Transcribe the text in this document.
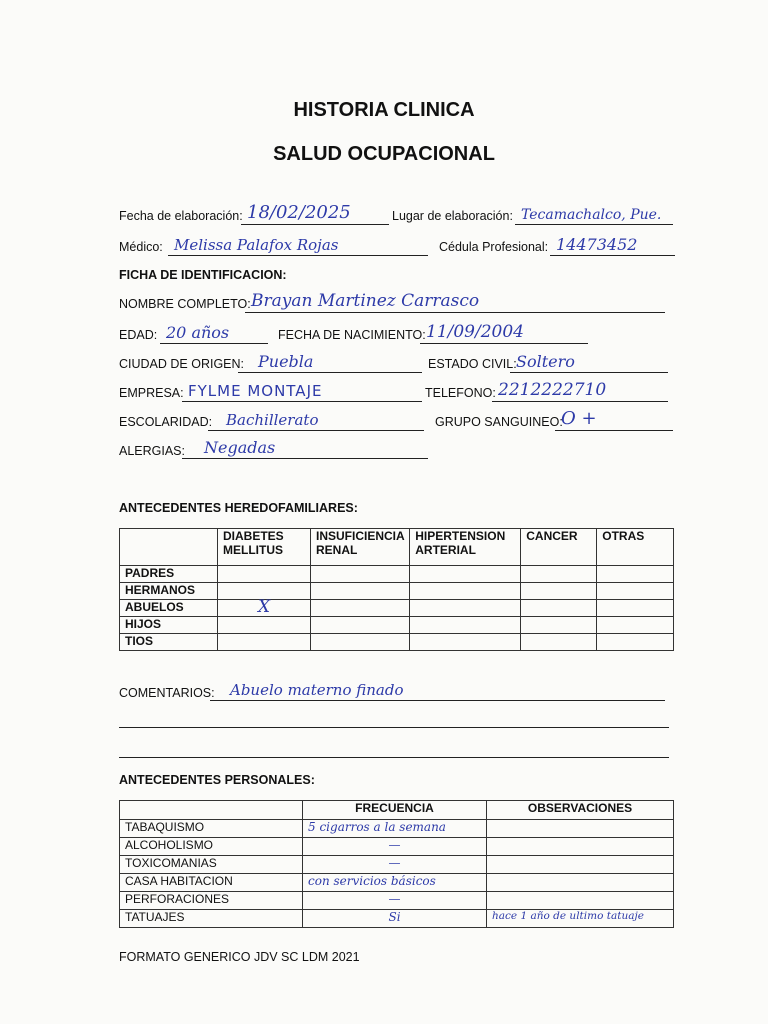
HISTORIA CLINICA
SALUD OCUPACIONAL
Fecha de elaboración: 18/02/2025	Lugar de elaboración: Tecamachalco, Pue.
Médico: Melissa Palafox Rojas	Cédula Profesional: 14473452
FICHA DE IDENTIFICACION:
NOMBRE COMPLETO: Brayan Martinez Carrasco
EDAD: 20 años	FECHA DE NACIMIENTO: 11/09/2004
CIUDAD DE ORIGEN: Puebla	ESTADO CIVIL: Soltero
EMPRESA: FYLME MONTAJE	TELEFONO: 2212222710
ESCOLARIDAD: Bachillerato	GRUPO SANGUINEO:
O +
ALERGIAS: Negadas
ANTECEDENTES HEREDOFAMILIARES:
	DIABETES MELLITUS	INSUFICIENCIA RENAL	HIPERTENSION ARTERIAL	CANCER	OTRAS
PADRES					
HERMANOS					
ABUELOS	X				
HIJOS					
TIOS					
COMENTARIOS: Abuelo materno finado
ANTECEDENTES PERSONALES:
	FRECUENCIA	OBSERVACIONES
TABAQUISMO	5 cigarros a la semana	
ALCOHOLISMO	—	
TOXICOMANIAS	—	
CASA HABITACION	con servicios básicos	
PERFORACIONES	—	
TATUAJES	Si	hace 1 año de ultimo tatuaje
FORMATO GENERICO JDV SC LDM 2021
